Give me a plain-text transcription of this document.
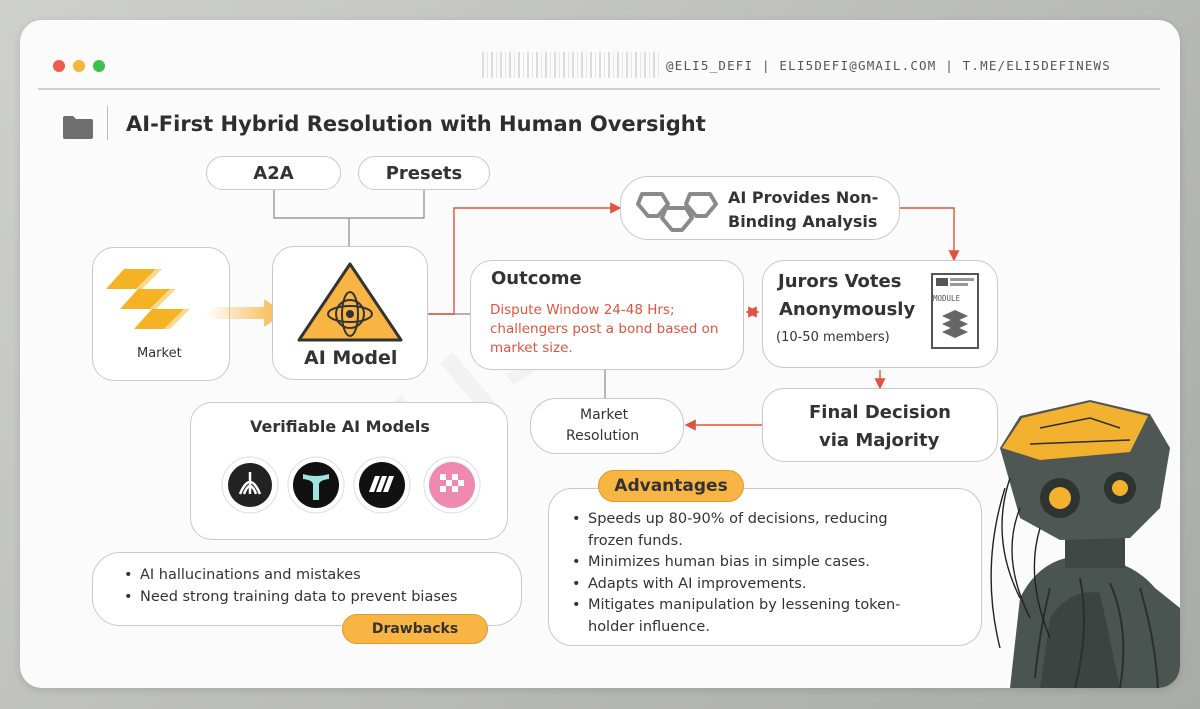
@ELI5_DEFI | ELI5DEFI@GMAIL.COM | T.ME/ELI5DEFINEWS
AI-First Hybrid Resolution with Human Oversight
A2A	Presets
Market	AI Model
AI Provides Non-
Binding Analysis
Outcome
Dispute Window 24-48 Hrs;
challengers post a bond based on
market size.
Jurors Votes
Anonymously
(10-50 members)
MODULE
Market
Resolution
Final Decision
via Majority
Verifiable AI Models
• AI hallucinations and mistakes
• Need strong training data to prevent biases
Drawbacks
Advantages
• Speeds up 80-90% of decisions, reducing
frozen funds.
• Minimizes human bias in simple cases.
• Adapts with AI improvements.
• Mitigates manipulation by lessening token-
holder influence.
